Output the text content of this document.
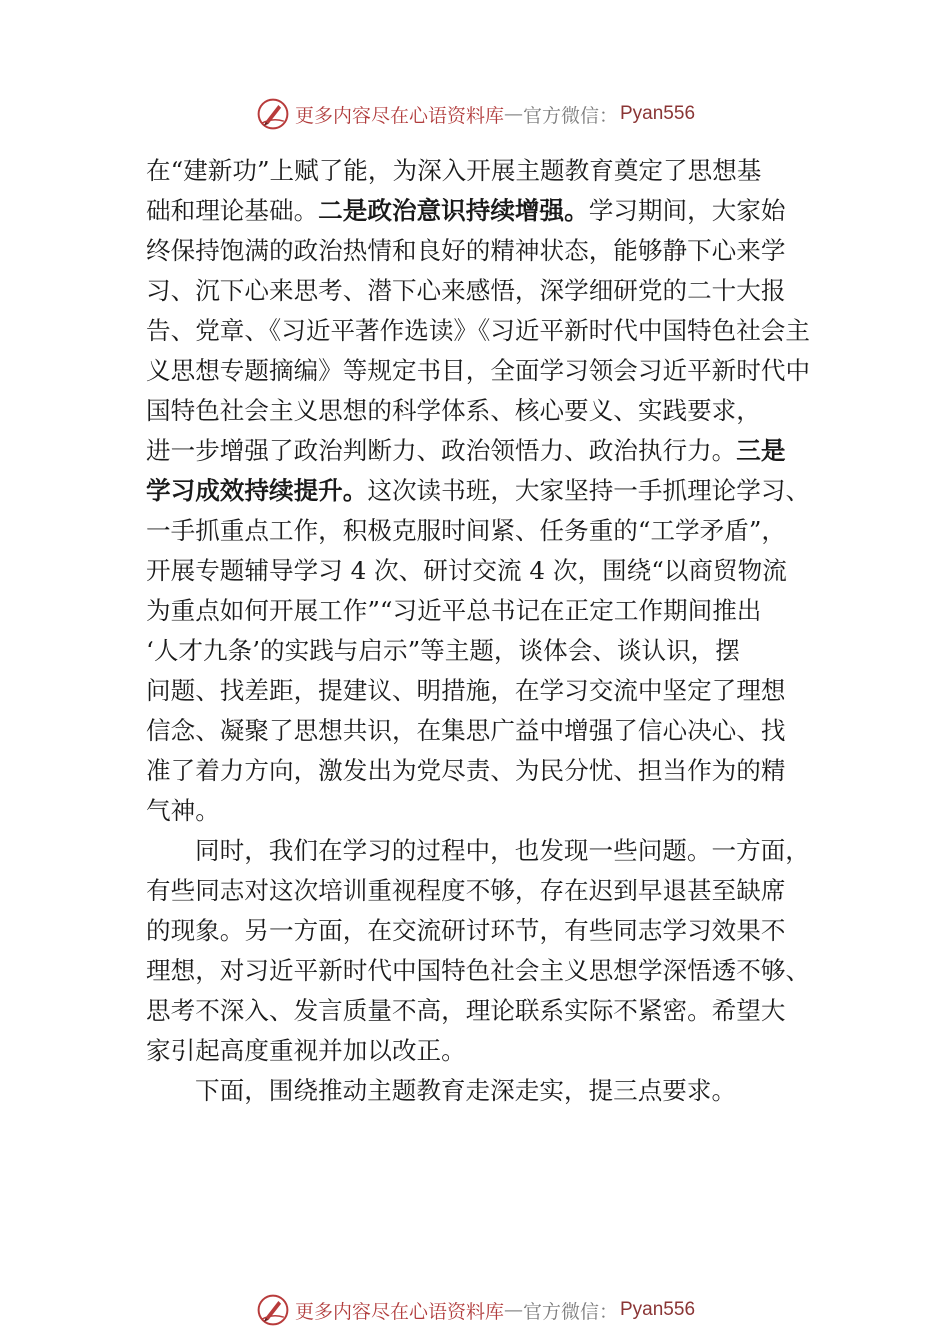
更多内容尽在心语资料库 — 官方微信： Pyan556
在“建新功”上赋了能，为深入开展主题教育奠定了思想基
础和理论基础。二是政治意识持续增强。学习期间，大家始
终保持饱满的政治热情和良好的精神状态，能够静下心来学
习、沉下心来思考、潜下心来感悟，深学细研党的二十大报
告、党章、《习近平著作选读》《习近平新时代中国特色社会主
义思想专题摘编》等规定书目，全面学习领会习近平新时代中
国特色社会主义思想的科学体系、核心要义、实践要求，
进一步增强了政治判断力、政治领悟力、政治执行力。三是
学习成效持续提升。这次读书班，大家坚持一手抓理论学习、
一手抓重点工作，积极克服时间紧、任务重的“工学矛盾”，
开展专题辅导学习 4 次、研讨交流 4 次，围绕“以商贸物流
为重点如何开展工作”“习近平总书记在正定工作期间推出
‘人才九条’的实践与启示”等主题，谈体会、谈认识，摆
问题、找差距，提建议、明措施，在学习交流中坚定了理想
信念、凝聚了思想共识，在集思广益中增强了信心决心、找
准了着力方向，激发出为党尽责、为民分忧、担当作为的精
气神。
同时，我们在学习的过程中，也发现一些问题。一方面，
有些同志对这次培训重视程度不够，存在迟到早退甚至缺席
的现象。另一方面，在交流研讨环节，有些同志学习效果不
理想，对习近平新时代中国特色社会主义思想学深悟透不够、
思考不深入、发言质量不高，理论联系实际不紧密。希望大
家引起高度重视并加以改正。
下面，围绕推动主题教育走深走实，提三点要求。
更多内容尽在心语资料库 — 官方微信： Pyan556
